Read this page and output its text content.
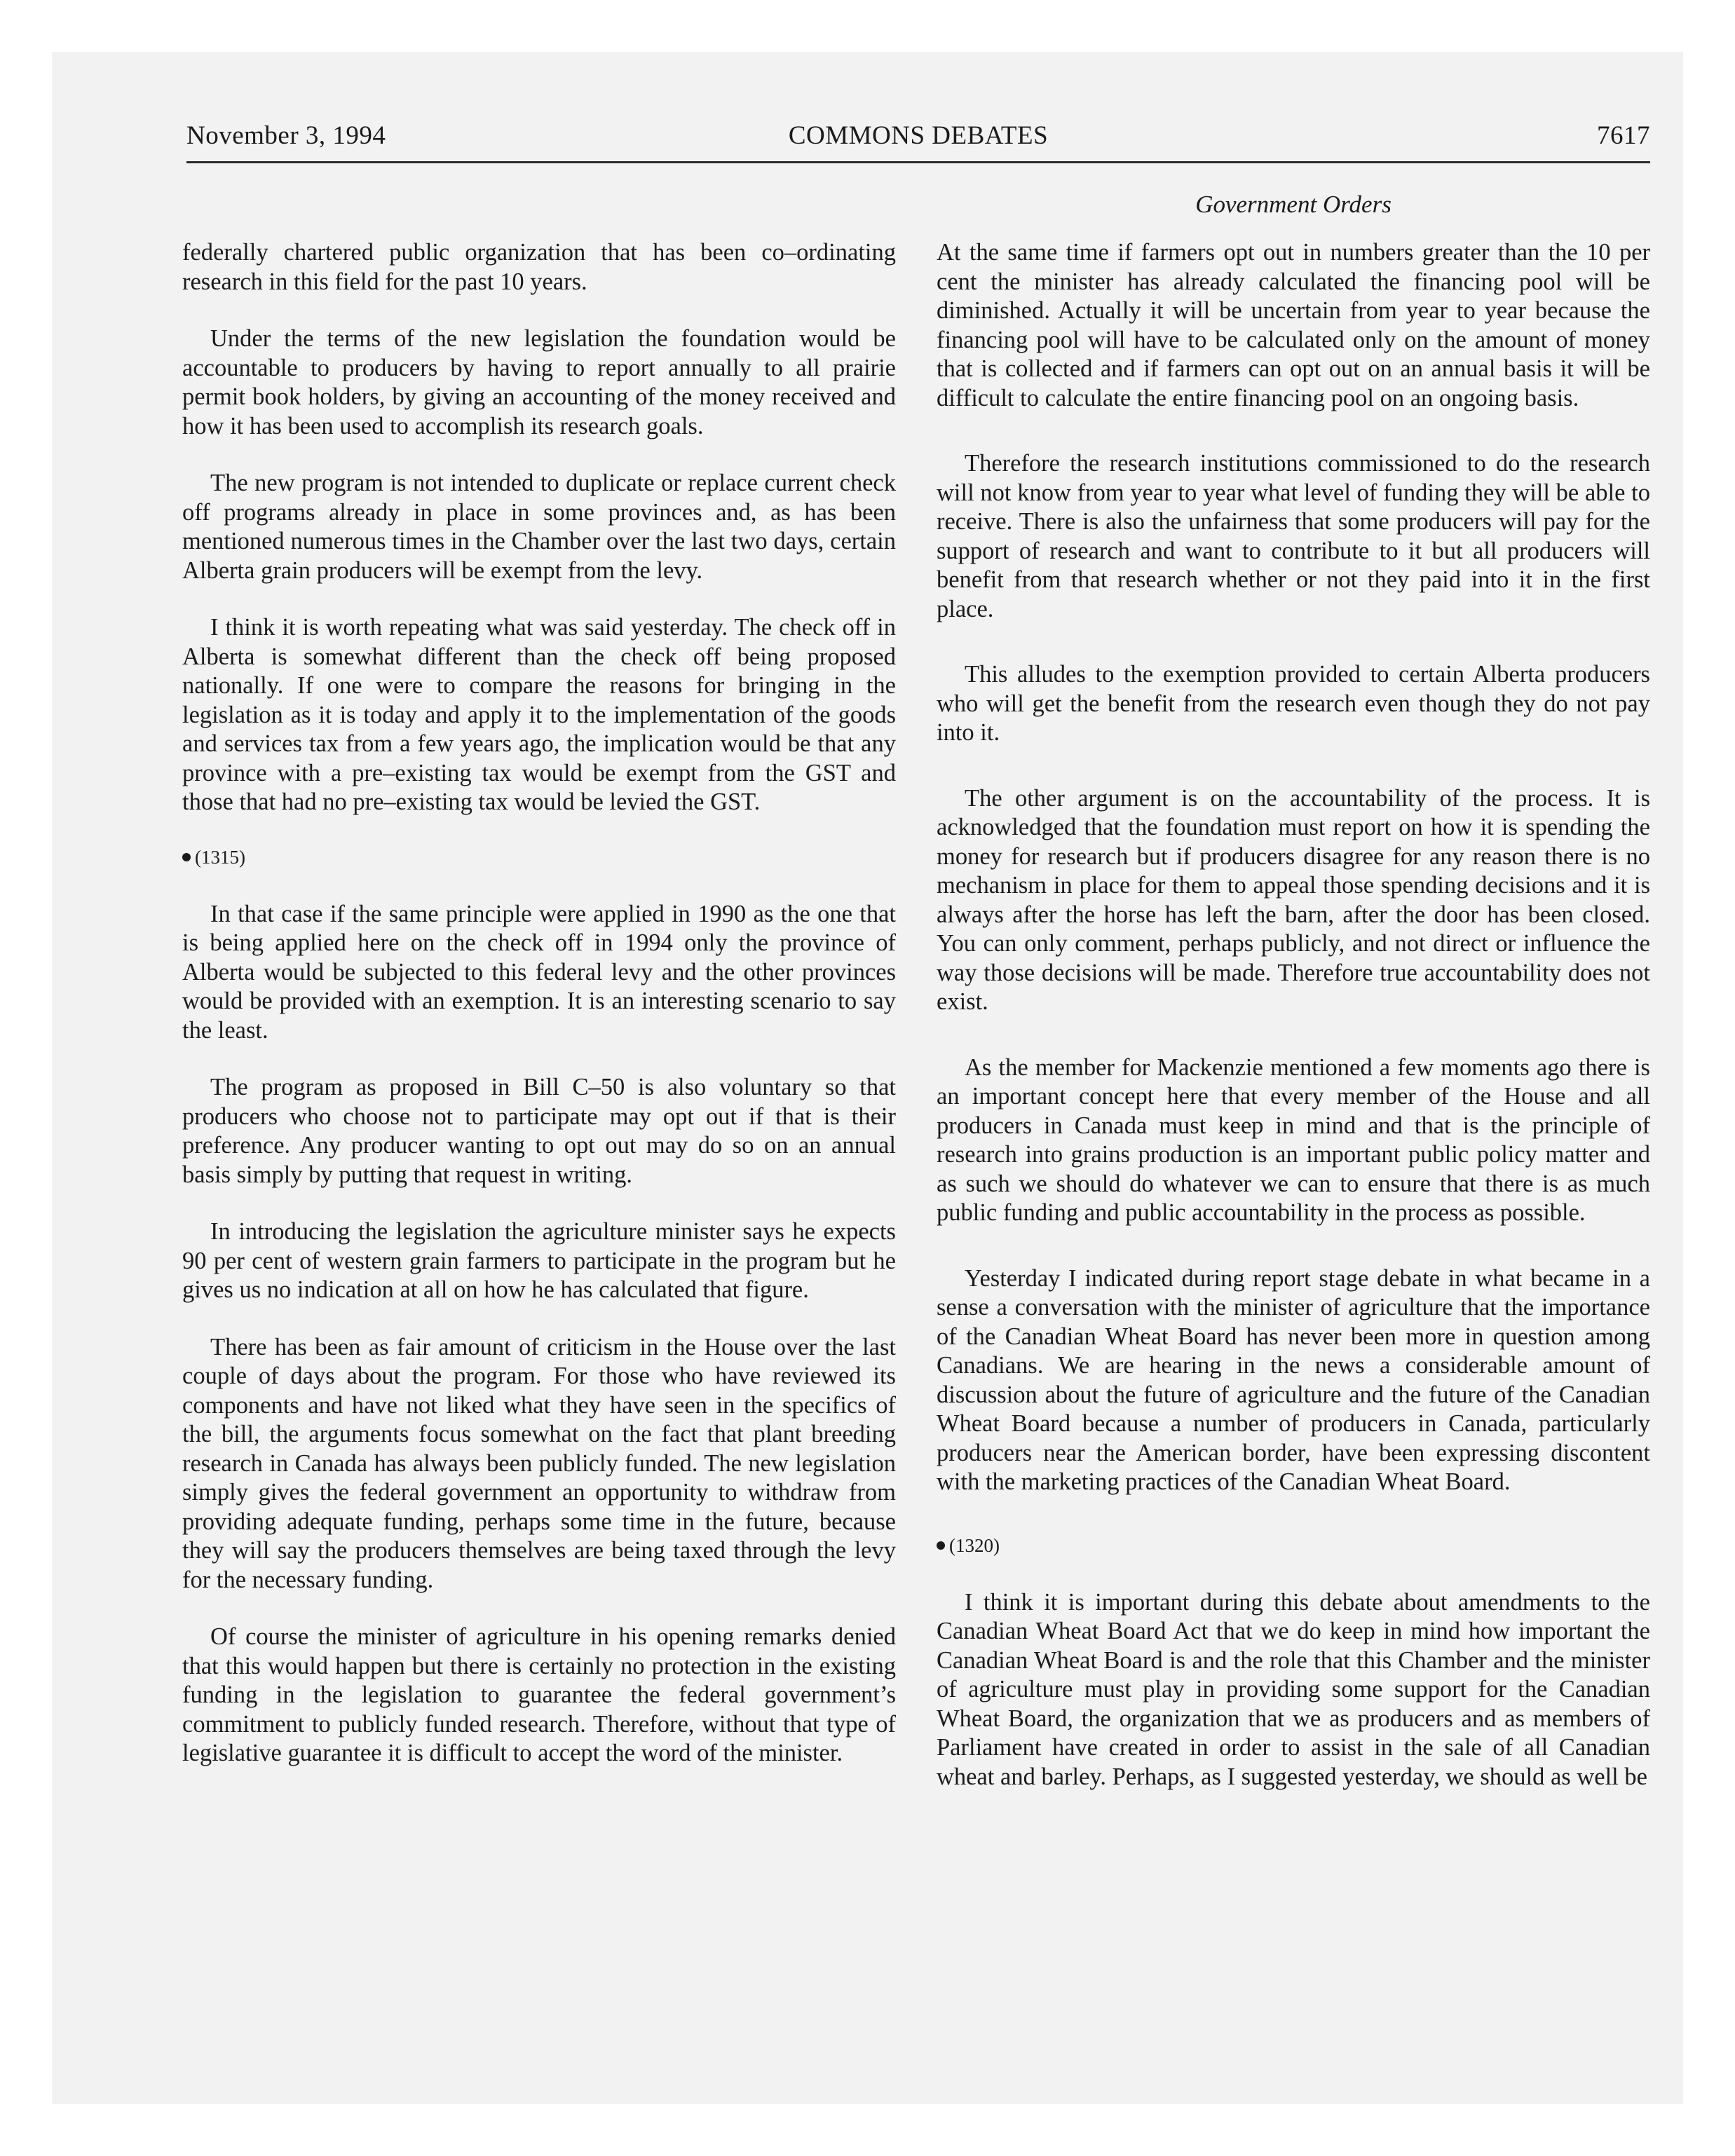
November 3, 1994	COMMONS DEBATES	7617
Government Orders

federally chartered public organization that has been co–ordinating research in this field for the past 10 years.

Under the terms of the new legislation the foundation would be accountable to producers by having to report annually to all prairie permit book holders, by giving an accounting of the money received and how it has been used to accomplish its research goals.

The new program is not intended to duplicate or replace current check off programs already in place in some provinces and, as has been mentioned numerous times in the Chamber over the last two days, certain Alberta grain producers will be exempt from the levy.

I think it is worth repeating what was said yesterday. The check off in Alberta is somewhat different than the check off being proposed nationally. If one were to compare the reasons for bringing in the legislation as it is today and apply it to the implementation of the goods and services tax from a few years ago, the implication would be that any province with a pre–existing tax would be exempt from the GST and those that had no pre–existing tax would be levied the GST.

(1315)

In that case if the same principle were applied in 1990 as the one that is being applied here on the check off in 1994 only the province of Alberta would be subjected to this federal levy and the other provinces would be provided with an exemption. It is an interesting scenario to say the least.

The program as proposed in Bill C–50 is also voluntary so that producers who choose not to participate may opt out if that is their preference. Any producer wanting to opt out may do so on an annual basis simply by putting that request in writing.

In introducing the legislation the agriculture minister says he expects 90 per cent of western grain farmers to participate in the program but he gives us no indication at all on how he has calculated that figure.

There has been as fair amount of criticism in the House over the last couple of days about the program. For those who have reviewed its components and have not liked what they have seen in the specifics of the bill, the arguments focus somewhat on the fact that plant breeding research in Canada has always been publicly funded. The new legislation simply gives the federal government an opportunity to withdraw from providing adequate funding, perhaps some time in the future, because they will say the producers themselves are being taxed through the levy for the necessary funding.

Of course the minister of agriculture in his opening remarks denied that this would happen but there is certainly no protection in the existing funding in the legislation to guarantee the federal government’s commitment to publicly funded research. Therefore, without that type of legislative guarantee it is difficult to accept the word of the minister.

At the same time if farmers opt out in numbers greater than the 10 per cent the minister has already calculated the financing pool will be diminished. Actually it will be uncertain from year to year because the financing pool will have to be calculated only on the amount of money that is collected and if farmers can opt out on an annual basis it will be difficult to calculate the entire financing pool on an ongoing basis.

Therefore the research institutions commissioned to do the research will not know from year to year what level of funding they will be able to receive. There is also the unfairness that some producers will pay for the support of research and want to contribute to it but all producers will benefit from that research whether or not they paid into it in the first place.

This alludes to the exemption provided to certain Alberta producers who will get the benefit from the research even though they do not pay into it.

The other argument is on the accountability of the process. It is acknowledged that the foundation must report on how it is spending the money for research but if producers disagree for any reason there is no mechanism in place for them to appeal those spending decisions and it is always after the horse has left the barn, after the door has been closed. You can only comment, perhaps publicly, and not direct or influence the way those decisions will be made. Therefore true accountability does not exist.

As the member for Mackenzie mentioned a few moments ago there is an important concept here that every member of the House and all producers in Canada must keep in mind and that is the principle of research into grains production is an important public policy matter and as such we should do whatever we can to ensure that there is as much public funding and public accountability in the process as possible.

Yesterday I indicated during report stage debate in what became in a sense a conversation with the minister of agriculture that the importance of the Canadian Wheat Board has never been more in question among Canadians. We are hearing in the news a considerable amount of discussion about the future of agriculture and the future of the Canadian Wheat Board because a number of producers in Canada, particularly producers near the American border, have been expressing discontent with the marketing practices of the Canadian Wheat Board.

(1320)

I think it is important during this debate about amendments to the Canadian Wheat Board Act that we do keep in mind how important the Canadian Wheat Board is and the role that this Chamber and the minister of agriculture must play in providing some support for the Canadian Wheat Board, the organization that we as producers and as members of Parliament have created in order to assist in the sale of all Canadian wheat and barley. Perhaps, as I suggested yesterday, we should as well be
